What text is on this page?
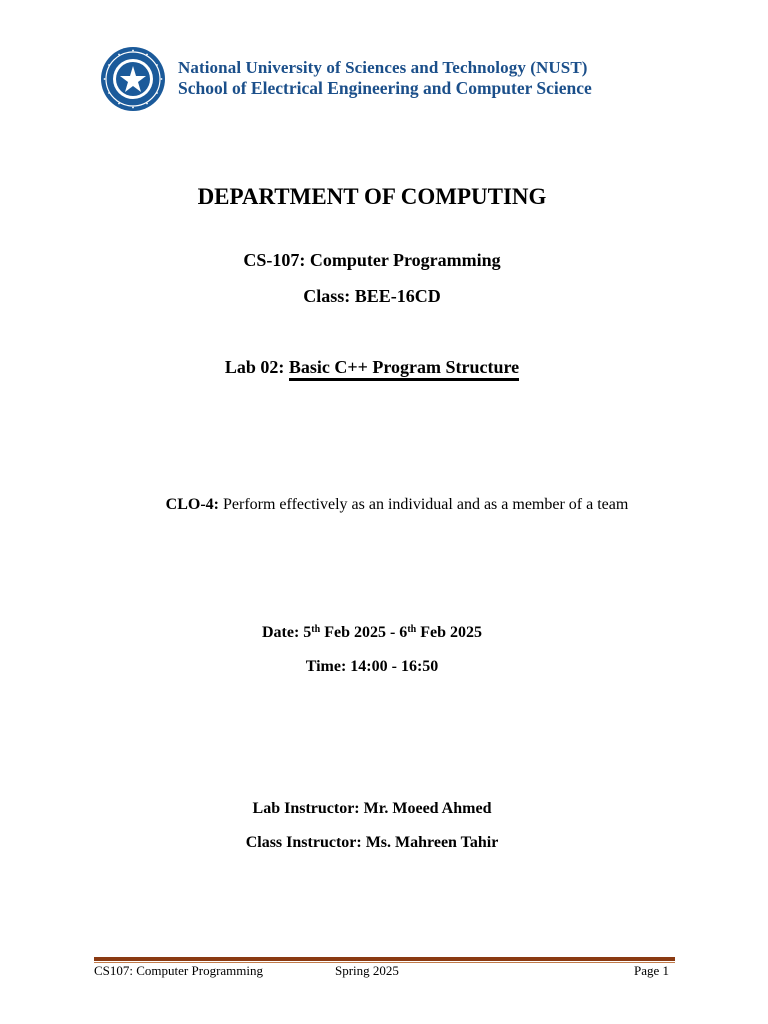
National University of Sciences and Technology (NUST)
School of Electrical Engineering and Computer Science
DEPARTMENT OF COMPUTING
CS-107: Computer Programming
Class: BEE-16CD
Lab 02: Basic C++ Program Structure
CLO-4: Perform effectively as an individual and as a member of a team
Date: 5th Feb 2025 - 6th Feb 2025
Time: 14:00 - 16:50
Lab Instructor: Mr. Moeed Ahmed
Class Instructor: Ms. Mahreen Tahir
CS107: Computer Programming	Spring 2025	Page 1
